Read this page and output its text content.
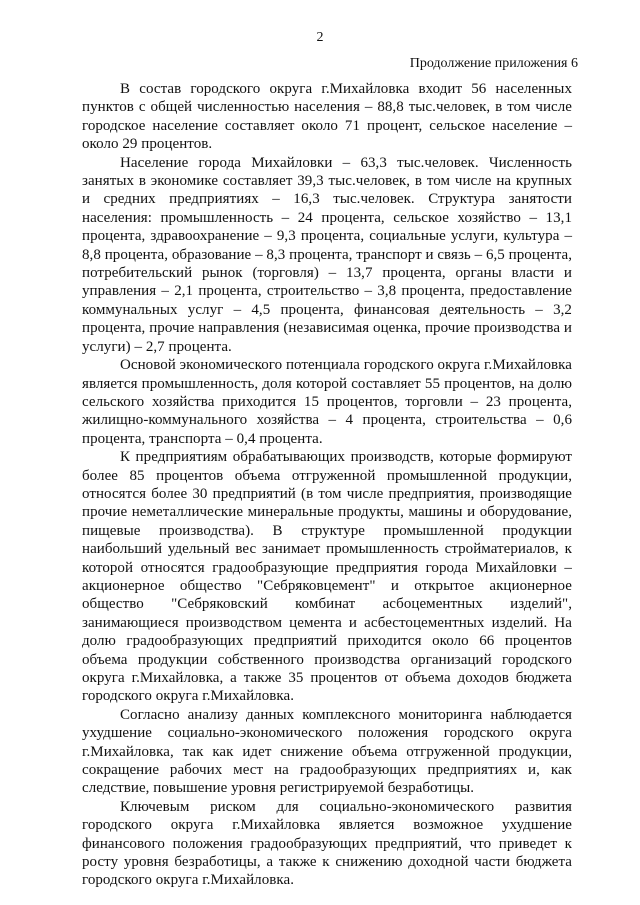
2
Продолжение приложения 6

В состав городского округа г.Михайловка входит 56 населенных пунктов с общей численностью населения – 88,8 тыс.человек, в том числе городское население составляет около 71 процент, сельское население – около 29 процентов.

Население города Михайловки – 63,3 тыс.человек. Численность занятых в экономике составляет 39,3 тыс.человек, в том числе на крупных и средних предприятиях – 16,3 тыс.человек. Структура занятости населения: промышленность – 24 процента, сельское хозяйство – 13,1 процента, здравоохранение – 9,3 процента, социальные услуги, культура – 8,8 процента, образование – 8,3 процента, транспорт и связь – 6,5 процента, потребительский рынок (торговля) – 13,7 процента, органы власти и управления – 2,1 процента, строительство – 3,8 процента, предоставление коммунальных услуг – 4,5 процента, финансовая деятельность – 3,2 процента, прочие направления (независимая оценка, прочие производства и услуги) – 2,7 процента.

Основой экономического потенциала городского округа г.Михайловка является промышленность, доля которой составляет 55 процентов, на долю сельского хозяйства приходится 15 процентов, торговли – 23 процента, жилищно-коммунального хозяйства – 4 процента, строительства – 0,6 процента, транспорта – 0,4 процента.

К предприятиям обрабатывающих производств, которые формируют более 85 процентов объема отгруженной промышленной продукции, относятся более 30 предприятий (в том числе предприятия, производящие прочие неметаллические минеральные продукты, машины и оборудование, пищевые производства). В структуре промышленной продукции наибольший удельный вес занимает промышленность стройматериалов, к которой относятся градообразующие предприятия города Михайловки – акционерное общество "Себряковцемент" и открытое акционерное общество "Себряковский комбинат асбоцементных изделий", занимающиеся производством цемента и асбестоцементных изделий. На долю градообразующих предприятий приходится около 66 процентов объема продукции собственного производства организаций городского округа г.Михайловка, а также 35 процентов от объема доходов бюджета городского округа г.Михайловка.

Согласно анализу данных комплексного мониторинга наблюдается ухудшение социально-экономического положения городского округа г.Михайловка, так как идет снижение объема отгруженной продукции, сокращение рабочих мест на градообразующих предприятиях и, как следствие, повышение уровня регистрируемой безработицы.

Ключевым риском для социально-экономического развития городского округа г.Михайловка является возможное ухудшение финансового положения градообразующих предприятий, что приведет к росту уровня безработицы, а также к снижению доходной части бюджета городского округа г.Михайловка.
